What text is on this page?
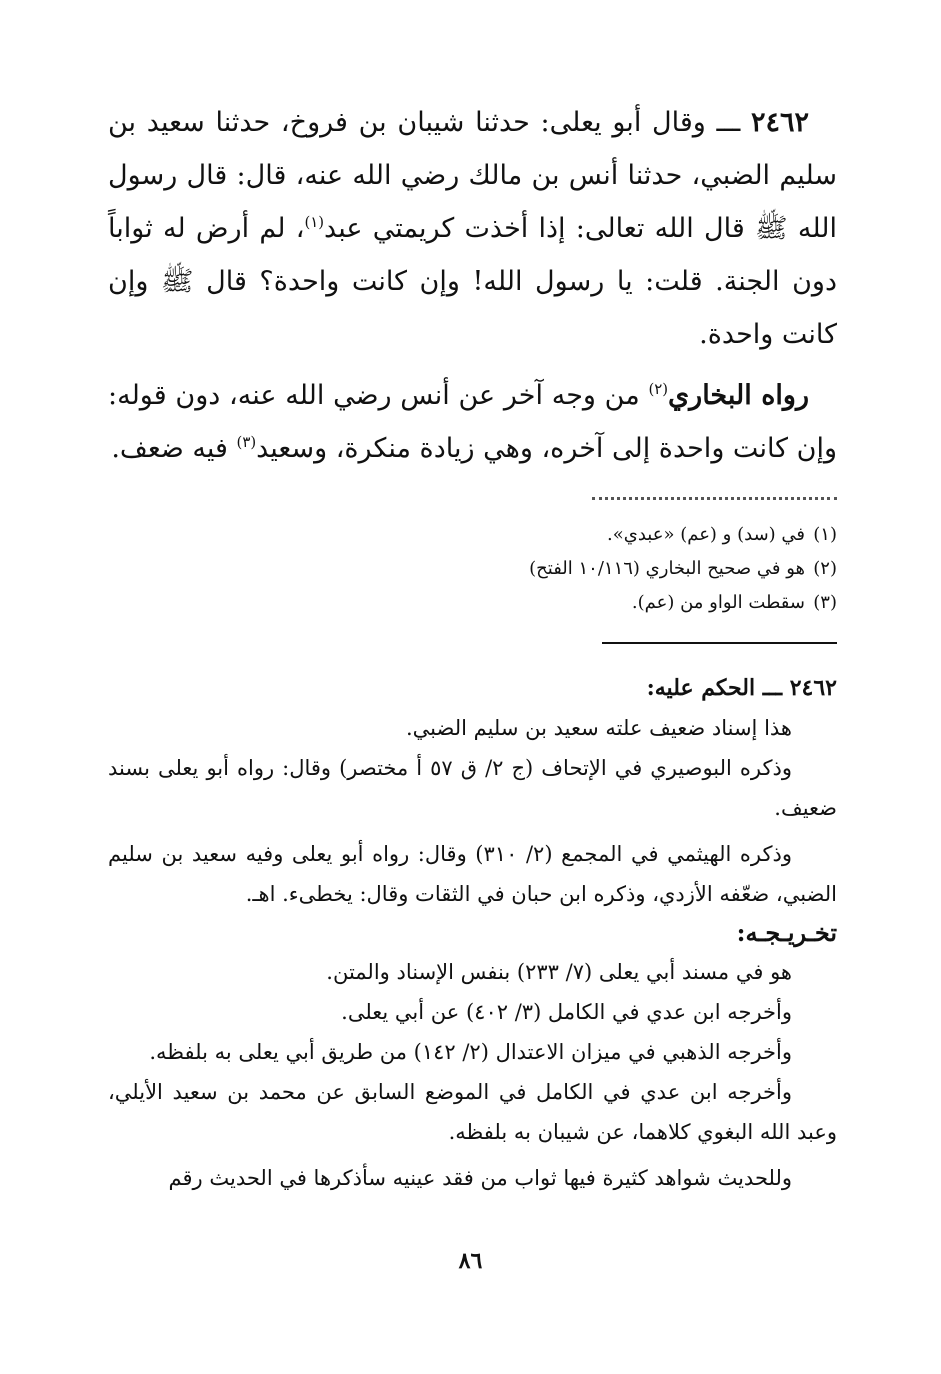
٢٤٦٢ ـــ وقال أبو يعلى: حدثنا شيبان بن فروخ، حدثنا سعيد بن سليم الضبي، حدثنا أنس بن مالك رضي الله عنه، قال: قال رسول الله ﷺ قال الله تعالى: إذا أخذت كريمتي عبد$^{(١)}$، لم أرض له ثواباً دون الجنة. قلت: يا رسول الله! وإن كانت واحدة؟ قال ﷺ وإن كانت واحدة.

رواه البخاري$^{(٢)}$ من وجه آخر عن أنس رضي الله عنه، دون قوله: وإن كانت واحدة إلى آخره، وهي زيادة منكرة، وسعيد$^{(٣)}$ فيه ضعف.

(١)في (سد) و (عم) «عبدي».
(٢)هو في صحيح البخاري (١٠/١١٦ الفتح)
(٣)سقطت الواو من (عم).

٢٤٦٢ ـــ الحكم عليه:

هذا إسناد ضعيف علته سعيد بن سليم الضبي.

وذكره البوصيري في الإتحاف (ج ٢/ ق ٥٧ أ مختصر) وقال: رواه أبو يعلى بسند ضعيف.

وذكره الهيثمي في المجمع (٢/ ٣١٠) وقال: رواه أبو يعلى وفيه سعيد بن سليم الضبي، ضعّفه الأزدي، وذكره ابن حبان في الثقات وقال: يخطىء. اهـ.

تخـريـجـه:

هو في مسند أبي يعلى (٧/ ٢٣٣) بنفس الإسناد والمتن.

وأخرجه ابن عدي في الكامل (٣/ ٤٠٢) عن أبي يعلى.

وأخرجه الذهبي في ميزان الاعتدال (٢/ ١٤٢) من طريق أبي يعلى به بلفظه.

وأخرجه ابن عدي في الكامل في الموضع السابق عن محمد بن سعيد الأيلي، وعبد الله البغوي كلاهما، عن شيبان به بلفظه.

وللحديث شواهد كثيرة فيها ثواب من فقد عينيه سأذكرها في الحديث رقم

٨٦
